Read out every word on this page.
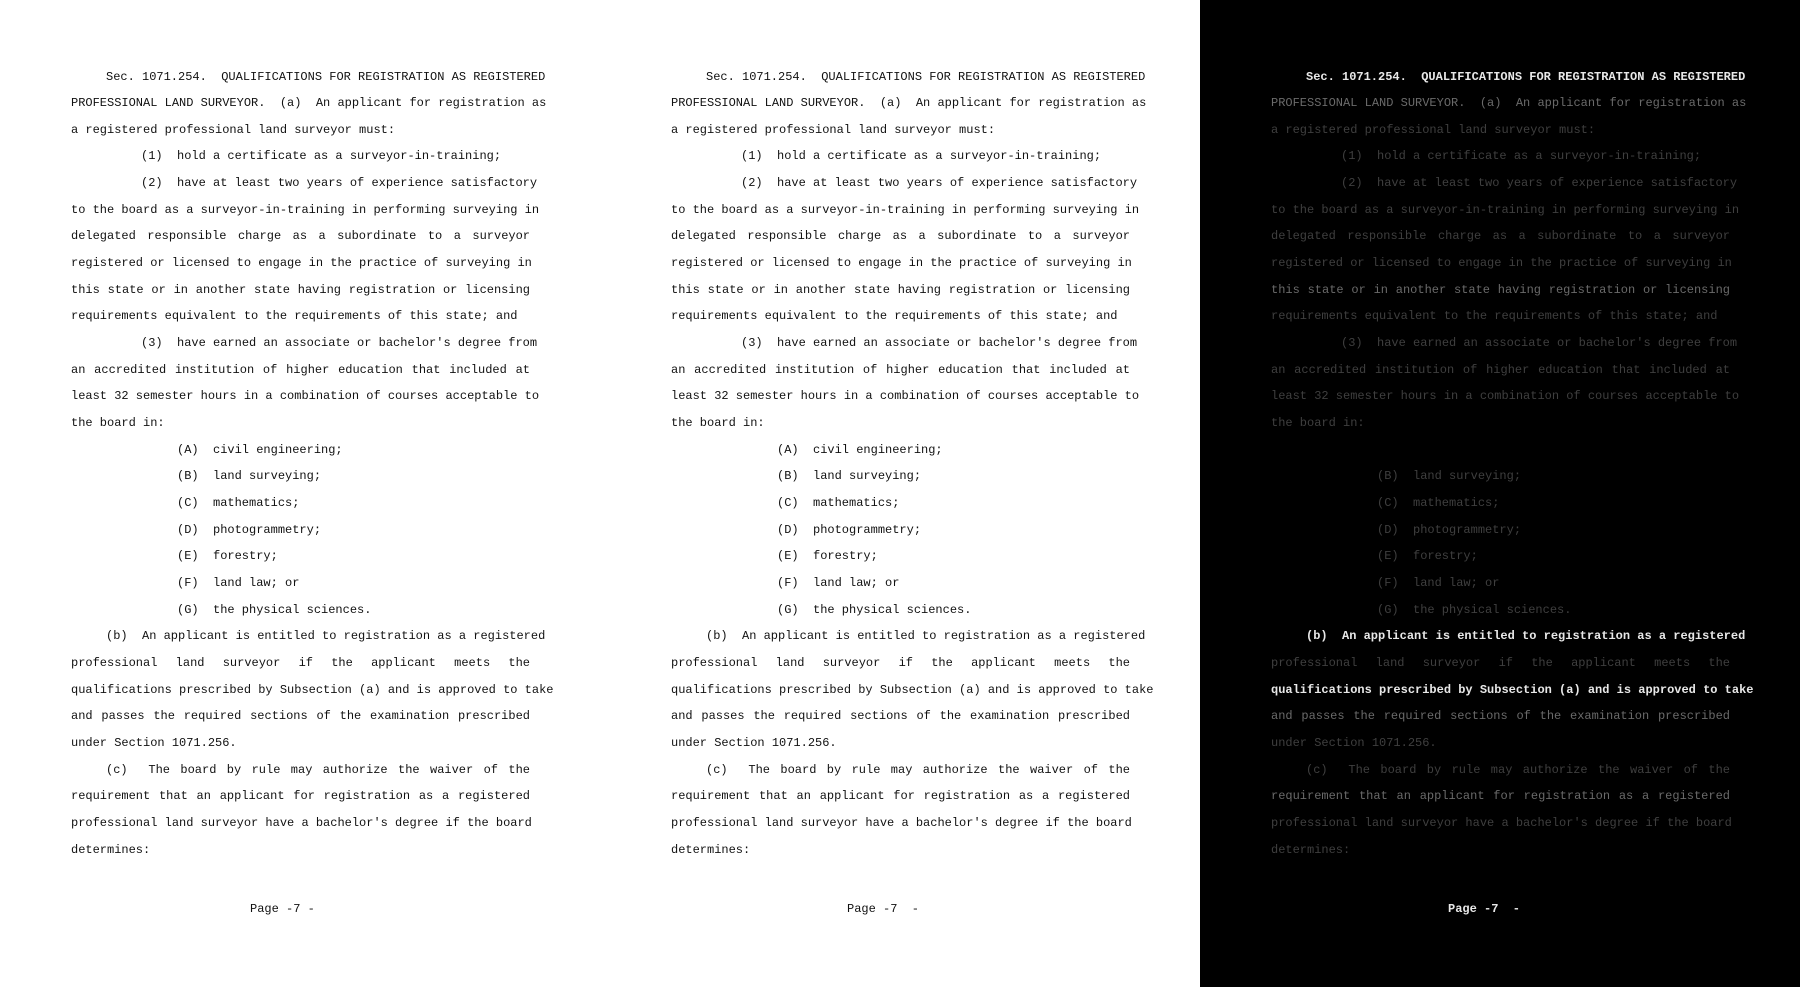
Sec. 1071.254.  QUALIFICATIONS FOR REGISTRATION AS REGISTERED
PROFESSIONAL LAND SURVEYOR.  (a)  An applicant for registration as
a registered professional land surveyor must:
(1)  hold a certificate as a surveyor-in-training;
(2)  have at least two years of experience satisfactory
to the board as a surveyor-in-training in performing surveying in
delegated responsible charge as a subordinate to a surveyor
registered or licensed to engage in the practice of surveying in
this state or in another state having registration or licensing
requirements equivalent to the requirements of this state; and
(3)  have earned an associate or bachelor's degree from
an accredited institution of higher education that included at
least 32 semester hours in a combination of courses acceptable to
the board in:
(A)  civil engineering;
(B)  land surveying;
(C)  mathematics;
(D)  photogrammetry;
(E)  forestry;
(F)  land law; or
(G)  the physical sciences.
(b)  An applicant is entitled to registration as a registered
professional land surveyor if the applicant meets the
qualifications prescribed by Subsection (a) and is approved to take
and passes the required sections of the examination prescribed
under Section 1071.256.
(c)  The board by rule may authorize the waiver of the
requirement that an applicant for registration as a registered
professional land surveyor have a bachelor's degree if the board
determines:
Page -7 -
Sec. 1071.254.  QUALIFICATIONS FOR REGISTRATION AS REGISTERED
PROFESSIONAL LAND SURVEYOR.  (a)  An applicant for registration as
a registered professional land surveyor must:
(1)  hold a certificate as a surveyor-in-training;
(2)  have at least two years of experience satisfactory
to the board as a surveyor-in-training in performing surveying in
delegated responsible charge as a subordinate to a surveyor
registered or licensed to engage in the practice of surveying in
this state or in another state having registration or licensing
requirements equivalent to the requirements of this state; and
(3)  have earned an associate or bachelor's degree from
an accredited institution of higher education that included at
least 32 semester hours in a combination of courses acceptable to
the board in:
(A)  civil engineering;
(B)  land surveying;
(C)  mathematics;
(D)  photogrammetry;
(E)  forestry;
(F)  land law; or
(G)  the physical sciences.
(b)  An applicant is entitled to registration as a registered
professional land surveyor if the applicant meets the
qualifications prescribed by Subsection (a) and is approved to take
and passes the required sections of the examination prescribed
under Section 1071.256.
(c)  The board by rule may authorize the waiver of the
requirement that an applicant for registration as a registered
professional land surveyor have a bachelor's degree if the board
determines:
Page -7  -
Sec. 1071.254.  QUALIFICATIONS FOR REGISTRATION AS REGISTERED
PROFESSIONAL LAND SURVEYOR.  (a)  An applicant for registration as
a registered professional land surveyor must:
(1)  hold a certificate as a surveyor-in-training;
(2)  have at least two years of experience satisfactory
to the board as a surveyor-in-training in performing surveying in
delegated responsible charge as a subordinate to a surveyor
registered or licensed to engage in the practice of surveying in
this state or in another state having registration or licensing
requirements equivalent to the requirements of this state; and
(3)  have earned an associate or bachelor's degree from
an accredited institution of higher education that included at
least 32 semester hours in a combination of courses acceptable to
the board in:
(B)  land surveying;
(C)  mathematics;
(D)  photogrammetry;
(E)  forestry;
(F)  land law; or
(G)  the physical sciences.
(b)  An applicant is entitled to registration as a registered
professional land surveyor if the applicant meets the
qualifications prescribed by Subsection (a) and is approved to take
and passes the required sections of the examination prescribed
under Section 1071.256.
(c)  The board by rule may authorize the waiver of the
requirement that an applicant for registration as a registered
professional land surveyor have a bachelor's degree if the board
determines:
Page -7  -
